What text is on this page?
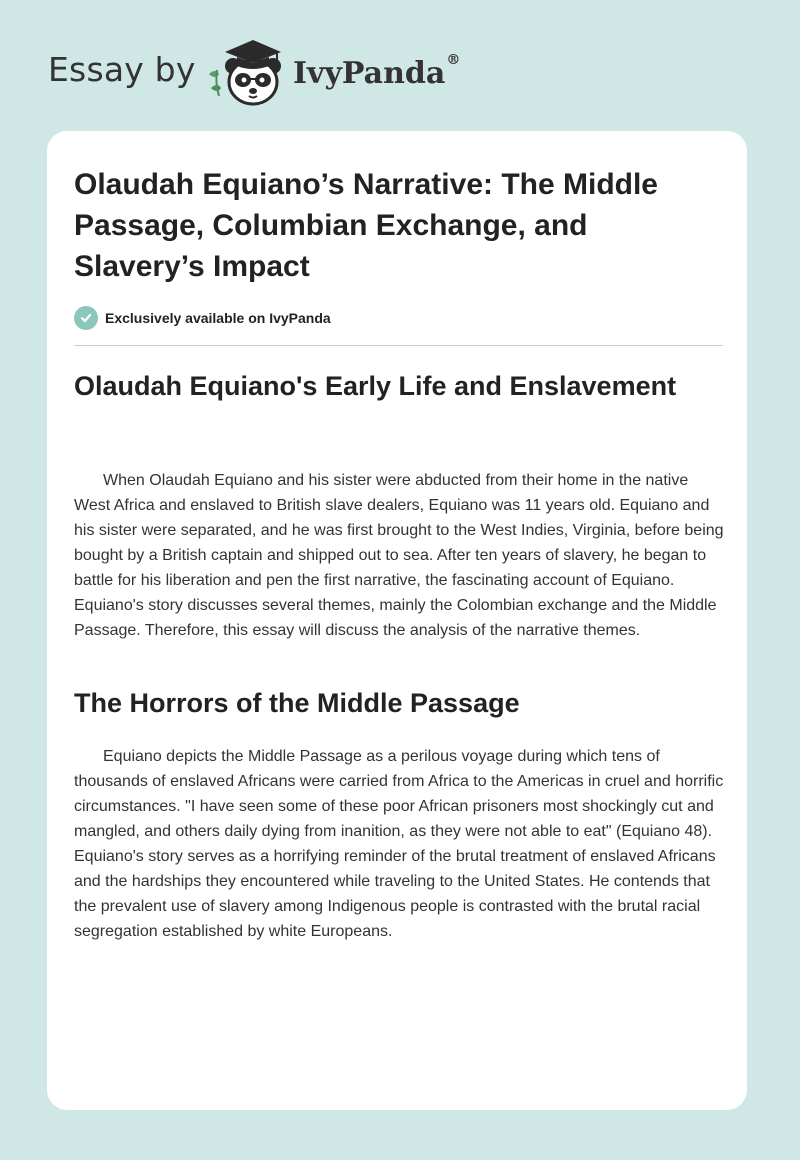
Essay by	IvyPanda®
Olaudah Equiano’s Narrative: The Middle Passage, Columbian Exchange, and Slavery’s Impact
Exclusively available on IvyPanda
Olaudah Equiano's Early Life and Enslavement

When Olaudah Equiano and his sister were abducted from their home in the native West Africa and enslaved to British slave dealers, Equiano was 11 years old. Equiano and his sister were separated, and he was first brought to the West Indies, Virginia, before being bought by a British captain and shipped out to sea. After ten years of slavery, he began to battle for his liberation and pen the first narrative, the fascinating account of Equiano. Equiano's story discusses several themes, mainly the Colombian exchange and the Middle Passage. Therefore, this essay will discuss the analysis of the narrative themes.

The Horrors of the Middle Passage

Equiano depicts the Middle Passage as a perilous voyage during which tens of thousands of enslaved Africans were carried from Africa to the Americas in cruel and horrific circumstances. "I have seen some of these poor African prisoners most shockingly cut and mangled, and others daily dying from inanition, as they were not able to eat" (Equiano 48). Equiano's story serves as a horrifying reminder of the brutal treatment of enslaved Africans and the hardships they encountered while traveling to the United States. He contends that the prevalent use of slavery among Indigenous people is contrasted with the brutal racial segregation established by white Europeans.
